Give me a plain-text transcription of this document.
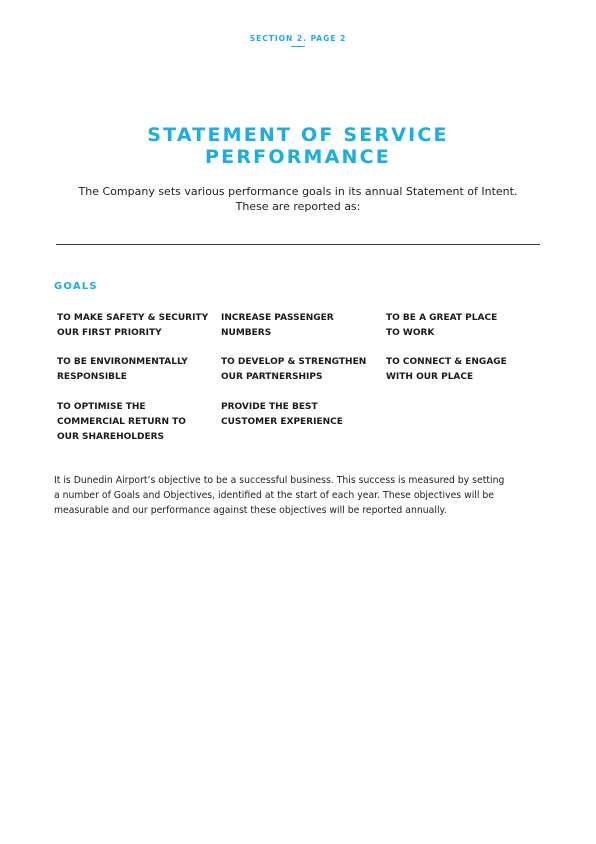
SECTION 2. PAGE 2
STATEMENT OF SERVICE
PERFORMANCE
The Company sets various performance goals in its annual Statement of Intent.
These are reported as:
GOALS
TO MAKE SAFETY & SECURITY
OUR FIRST PRIORITY
INCREASE PASSENGER
NUMBERS
TO BE A GREAT PLACE
TO WORK
TO BE ENVIRONMENTALLY
RESPONSIBLE
TO DEVELOP & STRENGTHEN
OUR PARTNERSHIPS
TO CONNECT & ENGAGE
WITH OUR PLACE
TO OPTIMISE THE
COMMERCIAL RETURN TO
OUR SHAREHOLDERS
PROVIDE THE BEST
CUSTOMER EXPERIENCE
It is Dunedin Airport’s objective to be a successful business. This success is measured by setting
a number of Goals and Objectives, identified at the start of each year. These objectives will be
measurable and our performance against these objectives will be reported annually.
